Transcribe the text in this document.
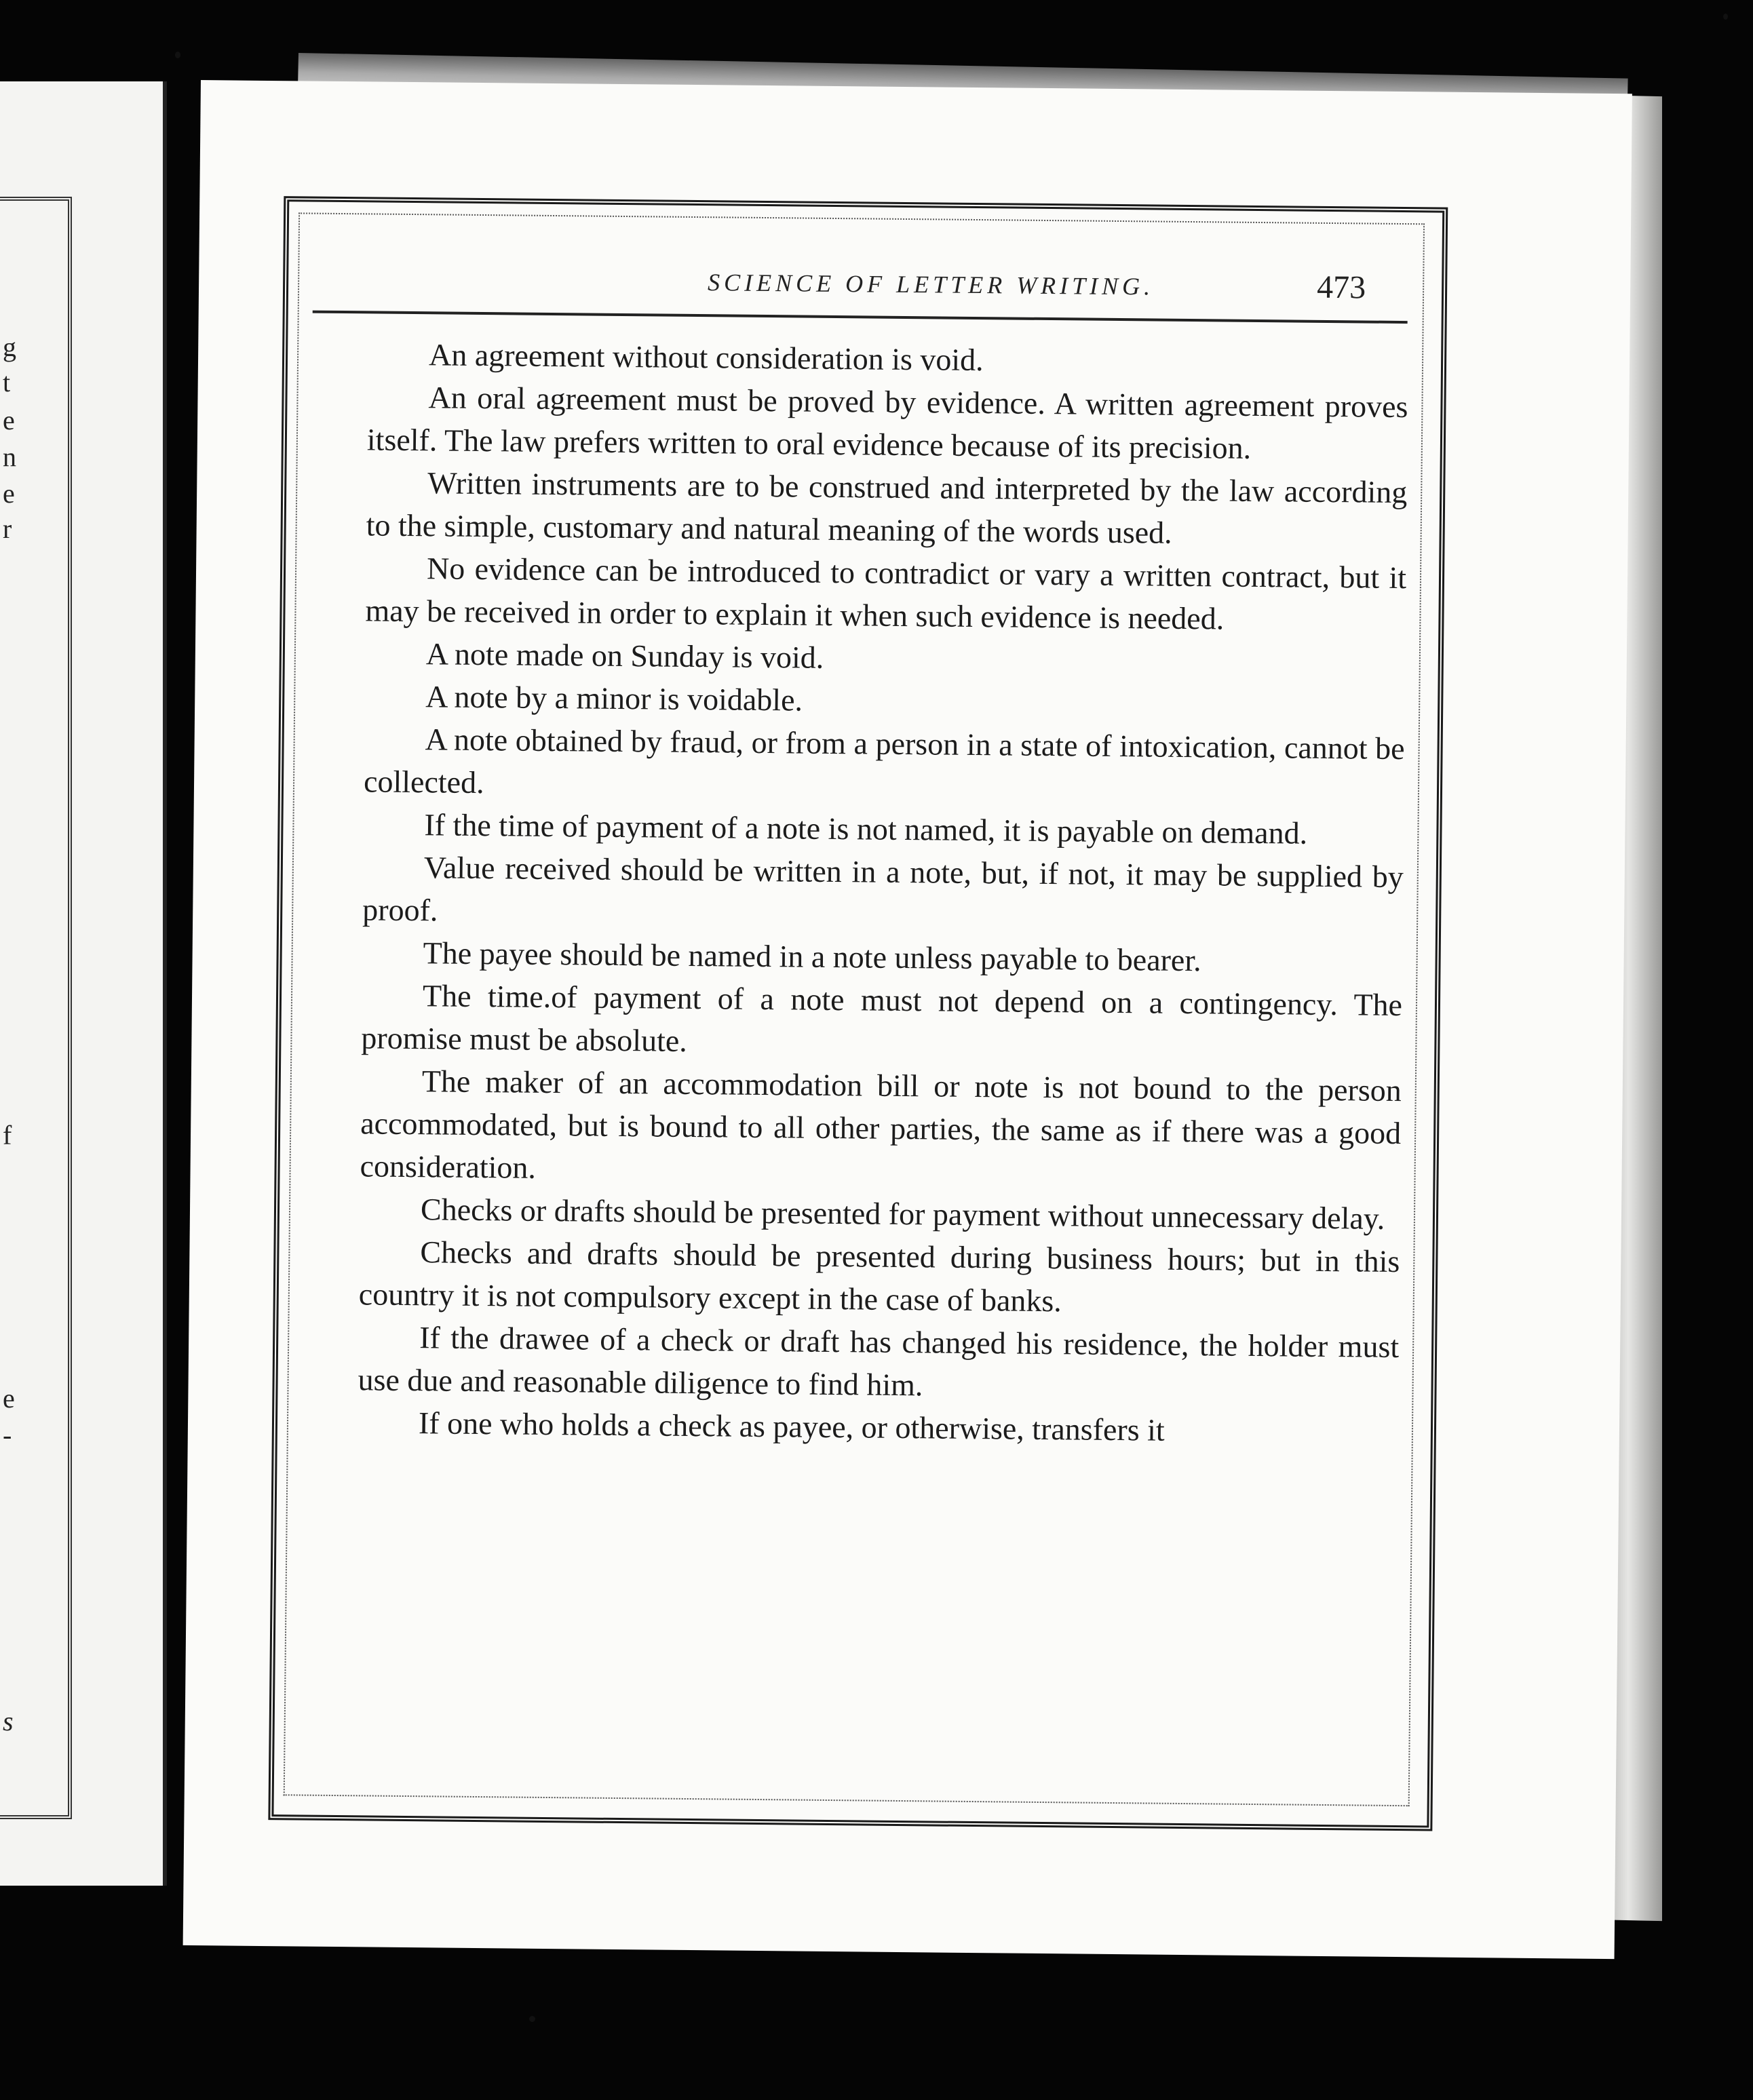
g
t
e
n
e
r
f
e
-
s
SCIENCE OF LETTER WRITING.	473

An agreement without consideration is void.

An oral agreement must be proved by evidence. A written agreement proves itself. The law prefers written to oral evidence because of its precision.

Written instruments are to be construed and interpreted by the law according to the simple, customary and natural meaning of the words used.

No evidence can be introduced to contradict or vary a written contract, but it may be received in order to explain it when such evidence is needed.

A note made on Sunday is void.

A note by a minor is voidable.

A note obtained by fraud, or from a person in a state of intoxication, cannot be collected.

If the time of payment of a note is not named, it is payable on demand.

Value received should be written in a note, but, if not, it may be supplied by proof.

The payee should be named in a note unless payable to bearer.

The time.of payment of a note must not depend on a contingency. The promise must be absolute.

The maker of an accommodation bill or note is not bound to the person accommodated, but is bound to all other parties, the same as if there was a good consideration.

Checks or drafts should be presented for payment without unnecessary delay.

Checks and drafts should be presented during business hours; but in this country it is not compulsory except in the case of banks.

If the drawee of a check or draft has changed his residence, the holder must use due and reasonable diligence to find him.

If one who holds a check as payee, or otherwise, transfers it
